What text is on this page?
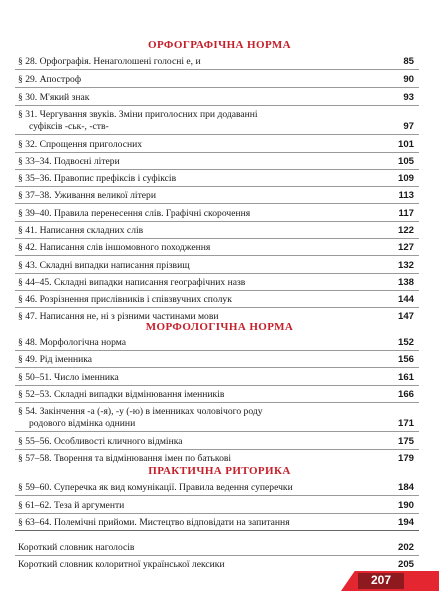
ОРФОГРАФІЧНА НОРМА
§ 28. Орфографія. Ненаголошені голосні е, и	85
§ 29. Апостроф	90
§ 30. М'який знак	93
§ 31. Чергування звуків. Зміни приголосних при додаванні
суфіксів -ськ-, -ств-	97
§ 32. Спрощення приголосних	101
§ 33–34. Подвоєні літери	105
§ 35–36. Правопис префіксів і суфіксів	109
§ 37–38. Уживання великої літери	113
§ 39–40. Правила перенесення слів. Графічні скорочення	117
§ 41. Написання складних слів	122
§ 42. Написання слів іншомовного походження	127
§ 43. Складні випадки написання прізвищ	132
§ 44–45. Складні випадки написання географічних назв	138
§ 46. Розрізнення прислівників і співзвучних сполук	144
§ 47. Написання не, ні з різними частинами мови	147
МОРФОЛОГІЧНА НОРМА
§ 48. Морфологічна норма	152
§ 49. Рід іменника	156
§ 50–51. Число іменника	161
§ 52–53. Складні випадки відмінювання іменників	166
§ 54. Закінчення -а (-я), -у (-ю) в іменниках чоловічого роду
родового відмінка однини	171
§ 55–56. Особливості кличного відмінка	175
§ 57–58. Творення та відмінювання імен по батькові	179
ПРАКТИЧНА РИТОРИКА
§ 59–60. Суперечка як вид комунікації. Правила ведення суперечки	184
§ 61–62. Теза й аргументи	190
§ 63–64. Полемічні прийоми. Мистецтво відповідати на запитання	194
Короткий словник наголосів	202
Короткий словник колоритної української лексики	205
207
